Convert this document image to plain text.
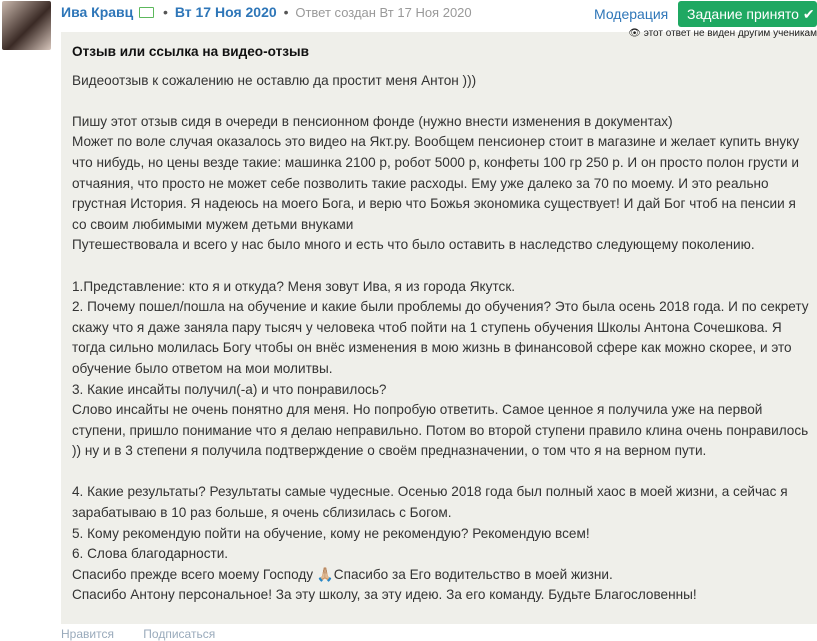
Ива Кравц • Вт 17 Ноя 2020 • Ответ создан Вт 17 Ноя 2020	Модерация	Задание принято ✔
👁 этот ответ не виден другим ученикам
Отзыв или ссылка на видео-отзыв
Видеоотзыв к сожалению не оставлю да простит меня Антон )))
Пишу этот отзыв сидя в очереди в пенсионном фонде (нужно внести изменения в документах)
Может по воле случая оказалось это видео на Якт.ру. Вообщем пенсионер стоит в магазине и желает купить внуку что нибудь, но цены везде такие: машинка 2100 р, робот 5000 р, конфеты 100 гр 250 р. И он просто полон грусти и отчаяния, что просто не может себе позволить такие расходы. Ему уже далеко за 70 по моему. И это реально грустная История. Я надеюсь на моего Бога, и верю что Божья экономика существует! И дай Бог чтоб на пенсии я со своим любимыми мужем детьми внуками
Путешествовала и всего у нас было много и есть что было оставить в наследство следующему поколению.
1.Представление: кто я и откуда? Меня зовут Ива, я из города Якутск.
2. Почему пошел/пошла на обучение и какие были проблемы до обучения? Это была осень 2018 года. И по секрету скажу что я даже заняла пару тысяч у человека чтоб пойти на 1 ступень обучения Школы Антона Сочешкова. Я тогда сильно молилась Богу чтобы он внёс изменения в мою жизнь в финансовой сфере как можно скорее, и это обучение было ответом на мои молитвы.
3. Какие инсайты получил(-а) и что понравилось?
Слово инсайты не очень понятно для меня. Но попробую ответить. Самое ценное я получила уже на первой ступени, пришло понимание что я делаю неправильно. Потом во второй ступени правило клина очень понравилось )) ну и в 3 степени я получила подтверждение о своём предназначении, о том что я на верном пути.
4. Какие результаты? Результаты самые чудесные. Осенью 2018 года был полный хаос в моей жизни, а сейчас я зарабатываю в 10 раз больше, я очень сблизилась с Богом.
5. Кому рекомендую пойти на обучение, кому не рекомендую? Рекомендую всем!
6. Слова благодарности.
Спасибо прежде всего моему Господу 🙏🏼Спасибо за Его водительство в моей жизни.
Спасибо Антону персональное! За эту школу, за эту идею. За его команду. Будьте Благословенны!
Нравится Подписаться
